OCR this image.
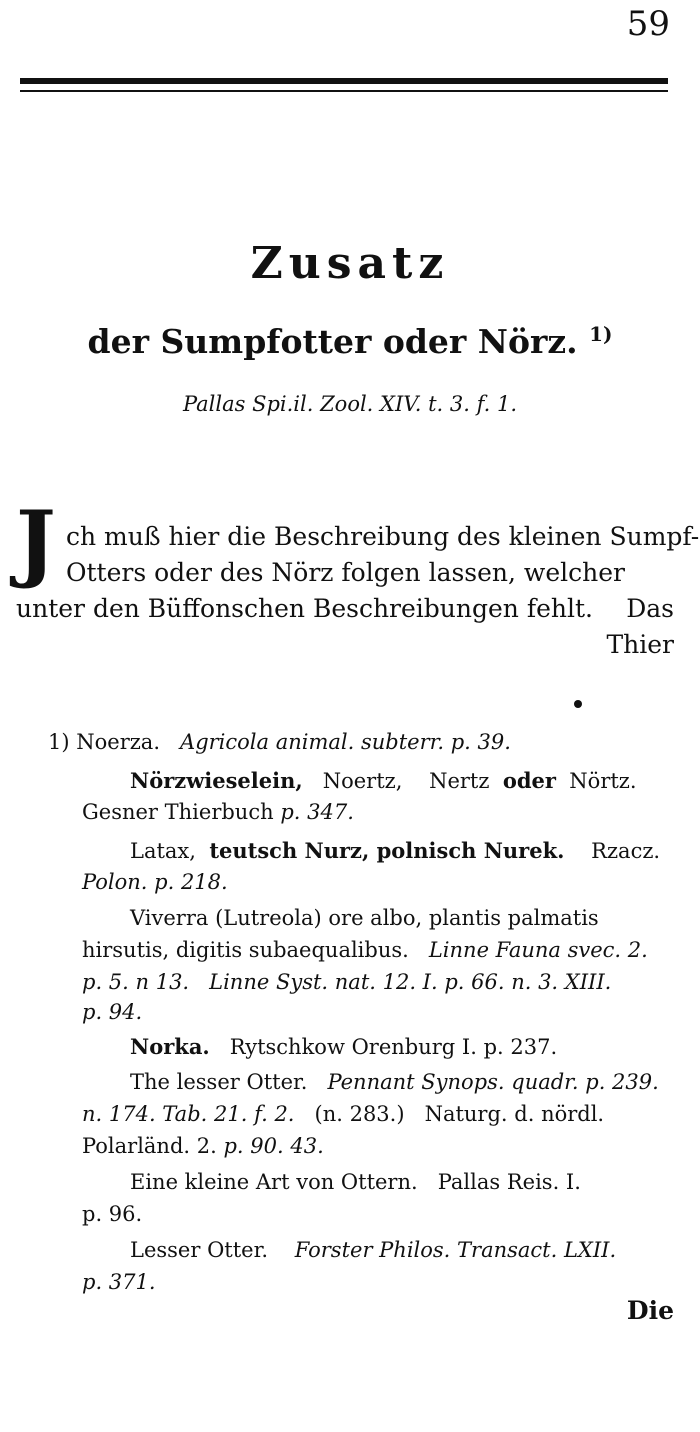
59
Zusatz
der Sumpfotter oder Nörz. $^{1)}$
Pallas Spi.il. Zool. XIV. t. 3. f. 1.
J ch muß hier die Beschreibung des kleinen Sumpf-
Otters oder des Nörz folgen lassen, welcher
unter den Büffonschen Beschreibungen fehlt. Das
Thier
1) Noerza. Agricola animal. subterr. p. 39.
Nörzwieselein, Noertz, Nertz oder Nörtz.
Gesner Thierbuch p. 347.
Latax, teutsch Nurz, polnisch Nurek. Rzacz.
Polon. p. 218.
Viverra (Lutreola) ore albo, plantis palmatis
hirsutis, digitis subaequalibus. Linne Fauna svec. 2.
p. 5. n 13. Linne Syst. nat. 12. I. p. 66. n. 3. XIII.
p. 94.
Norka. Rytschkow Orenburg I. p. 237.
The lesser Otter. Pennant Synops. quadr. p. 239.
n. 174. Tab. 21. f. 2. (n. 283.) Naturg. d. nördl.
Polarländ. 2. p. 90. 43.
Eine kleine Art von Ottern. Pallas Reis. I.
p. 96.
Lesser Otter. Forster Philos. Transact. LXII.
p. 371.
Die
